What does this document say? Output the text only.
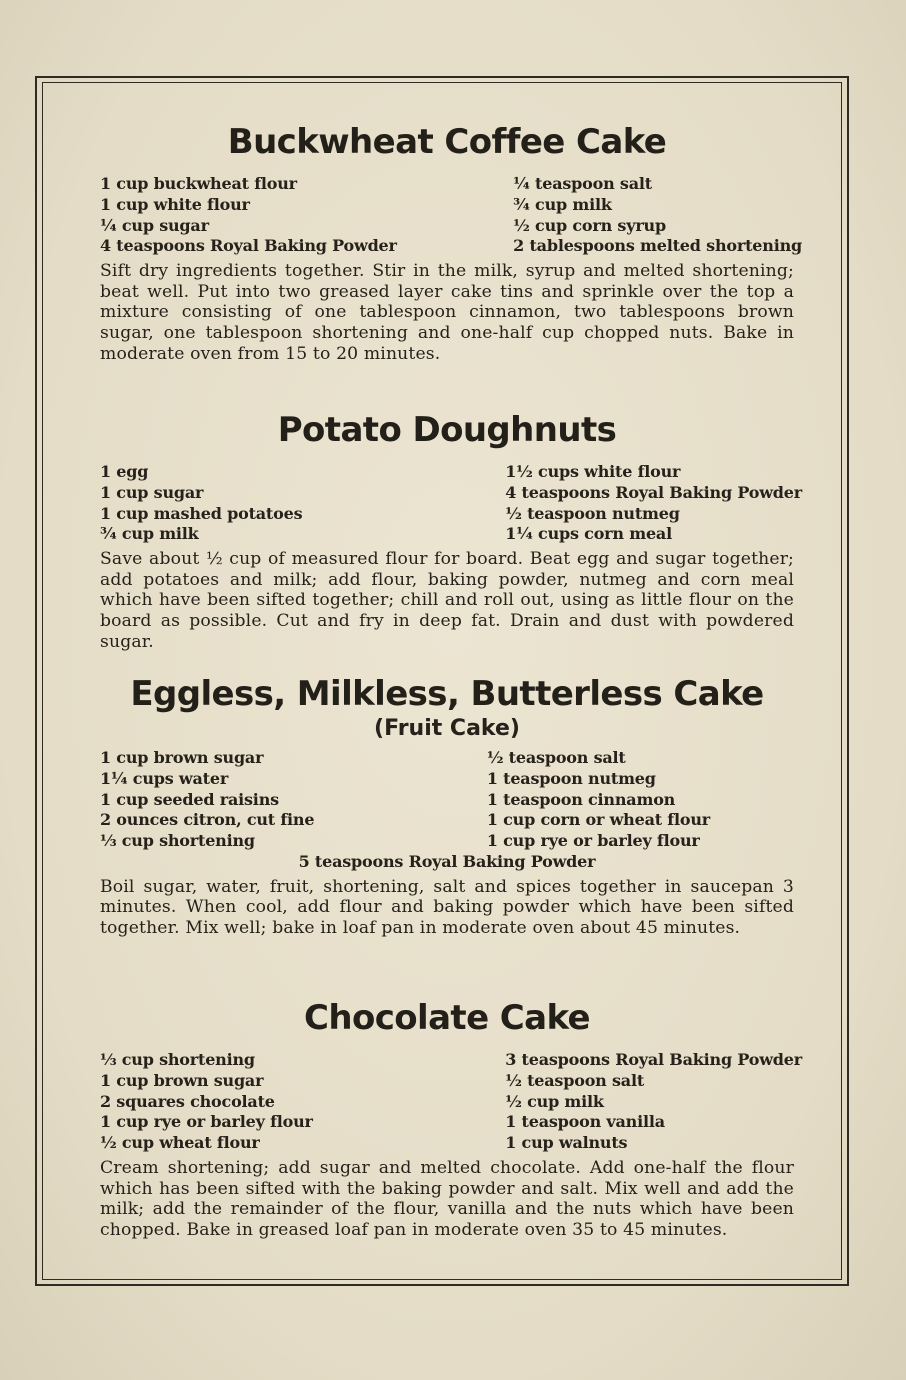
Buckwheat Coffee Cake
1 cup buckwheat flour
1 cup white flour
¼ cup sugar
4 teaspoons Royal Baking Powder
¼ teaspoon salt
¾ cup milk
½ cup corn syrup
2 tablespoons melted shortening

Sift dry ingredients together. Stir in the milk, syrup and melted shortening; beat well. Put into two greased layer cake tins and sprinkle over the top a mixture consisting of one tablespoon cinnamon, two tablespoons brown sugar, one tablespoon shortening and one-half cup chopped nuts. Bake in moderate oven from 15 to 20 minutes.

Potato Doughnuts
1 egg
1 cup sugar
1 cup mashed potatoes
¾ cup milk
1½ cups white flour
4 teaspoons Royal Baking Powder
½ teaspoon nutmeg
1¼ cups corn meal

Save about ½ cup of measured flour for board. Beat egg and sugar together; add potatoes and milk; add flour, baking powder, nutmeg and corn meal which have been sifted together; chill and roll out, using as little flour on the board as possible. Cut and fry in deep fat. Drain and dust with powdered sugar.

Eggless, Milkless, Butterless Cake
(Fruit Cake)
1 cup brown sugar
1¼ cups water
1 cup seeded raisins
2 ounces citron, cut fine
⅓ cup shortening
½ teaspoon salt
1 teaspoon nutmeg
1 teaspoon cinnamon
1 cup corn or wheat flour
1 cup rye or barley flour
5 teaspoons Royal Baking Powder

Boil sugar, water, fruit, shortening, salt and spices together in saucepan 3 minutes. When cool, add flour and baking powder which have been sifted together. Mix well; bake in loaf pan in moderate oven about 45 minutes.

Chocolate Cake
⅓ cup shortening
1 cup brown sugar
2 squares chocolate
1 cup rye or barley flour
½ cup wheat flour
3 teaspoons Royal Baking Powder
½ teaspoon salt
½ cup milk
1 teaspoon vanilla
1 cup walnuts

Cream shortening; add sugar and melted chocolate. Add one-half the flour which has been sifted with the baking powder and salt. Mix well and add the milk; add the remainder of the flour, vanilla and the nuts which have been chopped. Bake in greased loaf pan in moderate oven 35 to 45 minutes.
